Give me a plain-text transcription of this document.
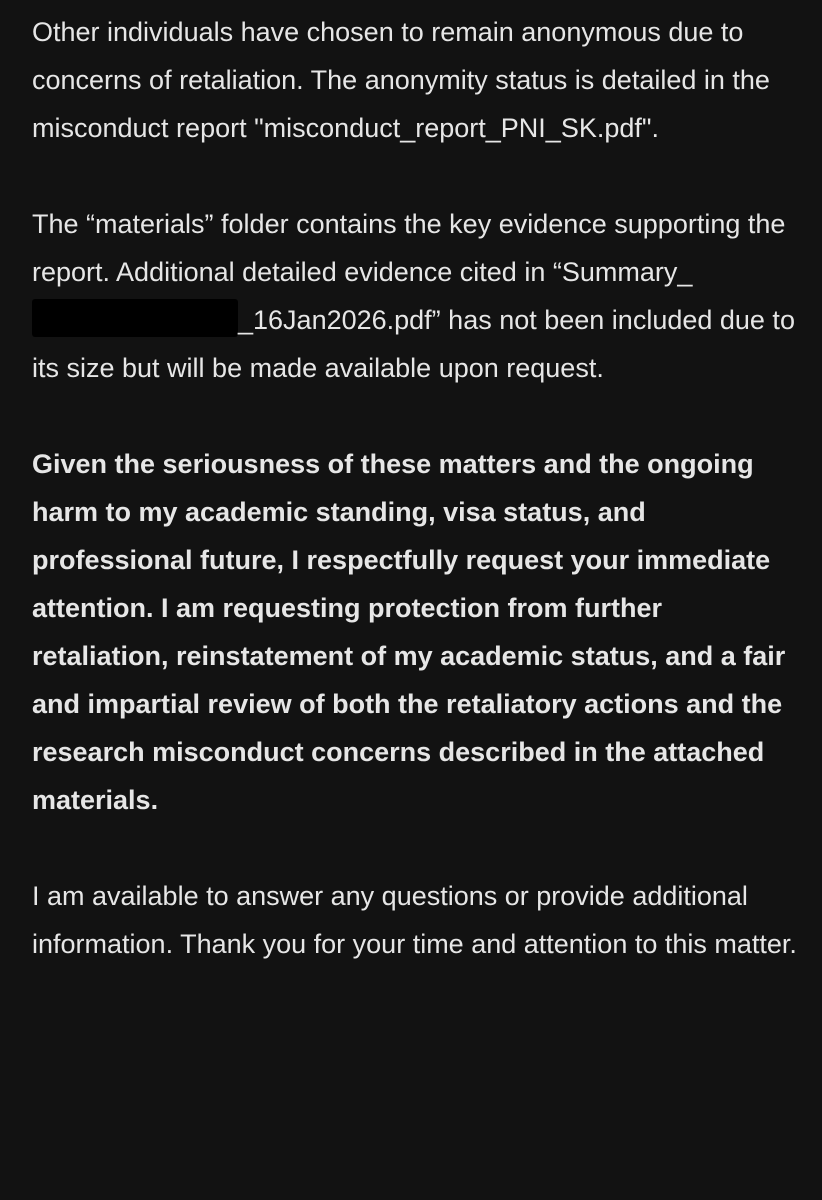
Other individuals have chosen to remain anonymous due to concerns of retaliation. The anonymity status is detailed in the misconduct report "misconduct_report_PNI_SK.pdf".

The “materials” folder contains the key evidence supporting the report. Additional detailed evidence cited in “Summary__16Jan2026.pdf” has not been included due to its size but will be made available upon request.

Given the seriousness of these matters and the ongoing harm to my academic standing, visa status, and professional future, I respectfully request your immediate attention. I am requesting protection from further retaliation, reinstatement of my academic status, and a fair and impartial review of both the retaliatory actions and the research misconduct concerns described in the attached materials.

I am available to answer any questions or provide additional information. Thank you for your time and attention to this matter.
